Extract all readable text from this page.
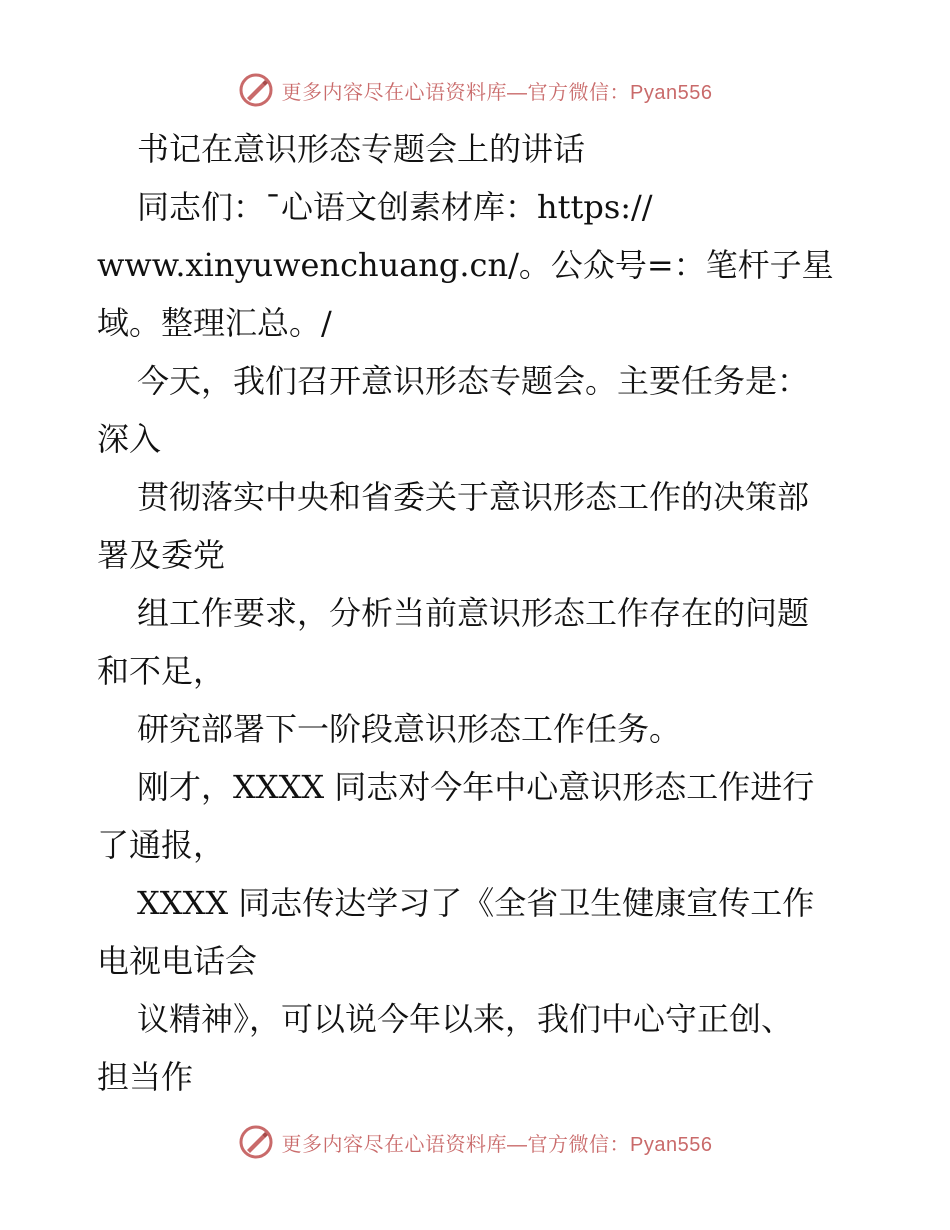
更多内容尽在心语资料库—官方微信：Pyan556
书记在意识形态专题会上的讲话
同志们：¯心语文创素材库：https://
www.xinyuwenchuang.cn/。公众号=：笔杆子星
域。整理汇总。/
今天，我们召开意识形态专题会。主要任务是：
深入
贯彻落实中央和省委关于意识形态工作的决策部
署及委党
组工作要求，分析当前意识形态工作存在的问题
和不足，
研究部署下一阶段意识形态工作任务。
刚才，XXXX 同志对今年中心意识形态工作进行
了通报，
XXXX 同志传达学习了《全省卫生健康宣传工作
电视电话会
议精神》，可以说今年以来，我们中心守正创、
担当作
更多内容尽在心语资料库—官方微信：Pyan556
